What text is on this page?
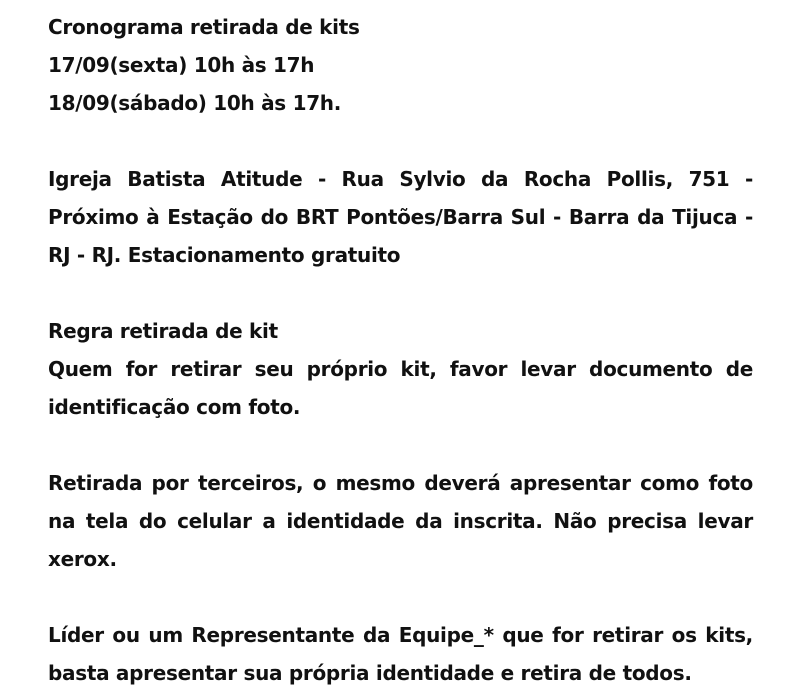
Cronograma retirada de kits

17/09(sexta) 10h às 17h

18/09(sábado) 10h às 17h.

Igreja Batista Atitude - Rua Sylvio da Rocha Pollis, 751 - Próximo à Estação do BRT Pontões/Barra Sul - Barra da Tijuca - RJ - RJ. Estacionamento gratuito

Regra retirada de kit

Quem for retirar seu próprio kit, favor levar documento de identificação com foto.

Retirada por terceiros, o mesmo deverá apresentar como foto na tela do celular a identidade da inscrita. Não precisa levar xerox.

Líder ou um Representante da Equipe_* que for retirar os kits, basta apresentar sua própria identidade e retira de todos.
